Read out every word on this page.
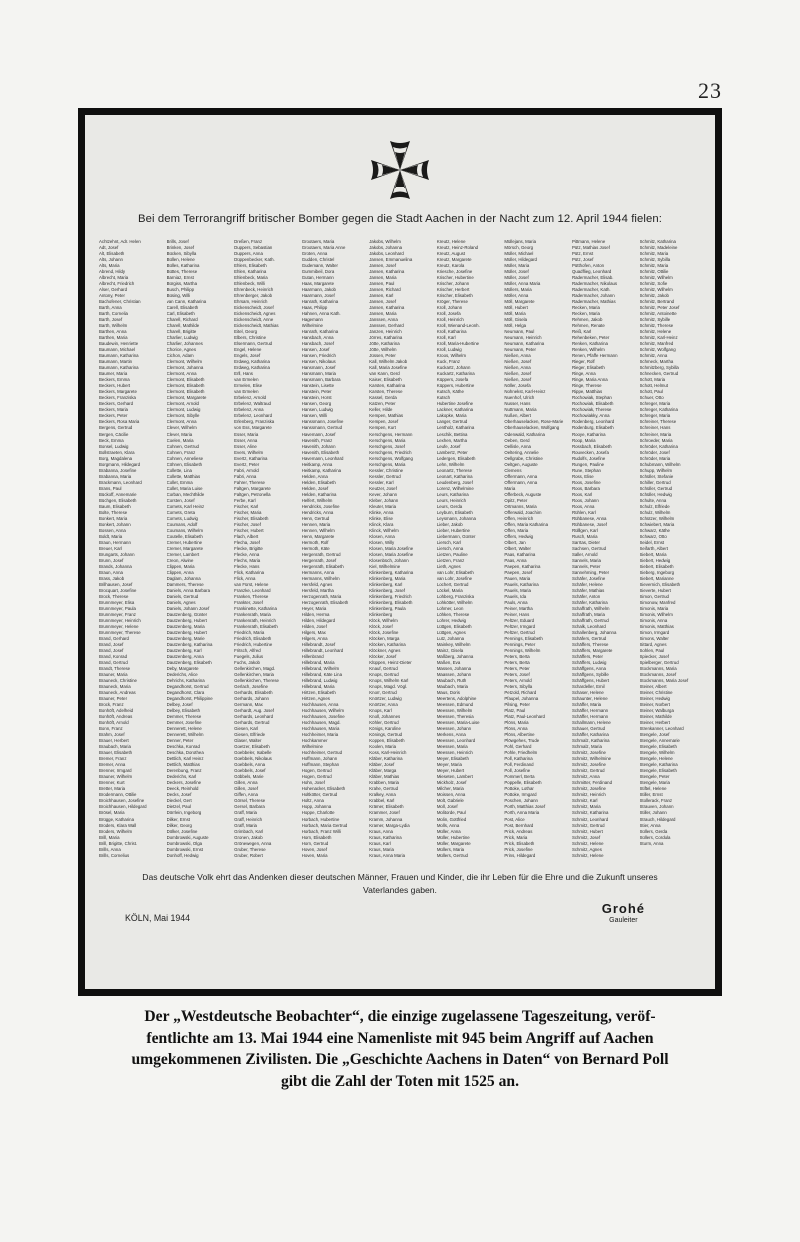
23
Bei dem Terrorangriff britischer Bomber gegen die Stadt Aachen in der Nacht zum 12. April 1944 fielen:
Achtzehnt, Adr. Helen
Adt, Josef
Alt, Elisabeth
Alts, Johann
Alts, Maria
Abrend, Hildy
Albrecht, Maria
Albrecht, Friedrich
Alser, Gerhard
Antony, Peter
Bachofener, Christian
Barth, Anna
Barth, Cornelia
Barth, Josef
Barth, Wilhelm
Barthen, Anna
Barthen, Maria
Baudewin, Henriette
Baumann, Michael
Baumann, Katharina
Baumann, Martin
Baumann, Katharina
Baumer, Maria
Beckers, Emma
Beckers, Hubert
Beckers, Margarete
Beckers, Franziska
Beckers, Gerhard
Beckers, Maria
Beckers, Peter
Beckers, Rosa Maria
Bergens, Gertrud
Bergen, Cäcilie
Beck, Emma
Bonsel, Ludwig
Bollstraeten, Klara
Borg, Magdalena
Borgmann, Hildegard
Brabanna, Josefine
Brabanna, Maria
Brackmann, Leonhard
Brans, Paul
Bückoff, Annemarie
Büchgen, Elisabeth
Baum, Elisabeth
Bolte, Therese
Bonkert, Maria
Bonkert, Johann
Bossen, Anna
Boldt, Maria
Braun, Hermann
Breuer, Karl
Brungarts, Johann
Brunn, Josef
Brands, Johanna
Braun, Anna
Brass, Jakob
Brilhausen, Josef
Brocquart, Josefine
Brock, Therese
Brunnmeyer, Elisa
Brunnmeyer, Paula
Brunnmeyer, Franz
Brunnmeyer, Heinrich
Brunnmeyer, Helene
Brunnmeyer, Therese
Brand, Gerhard
Brand, Josef
Brand, Josef
Brand, Konrad
Brand, Gertrud
Brandt, Therese
Brauner, Maria
Brauneck, Christine
Brauneck, Maria
Brauneck, Andreas
Brauner, Peter
Brock, Franz
Bonhöft, Adelheid
Bonhöft, Andreas
Bonhöft, Arnold
Bonn, Franz
Brahm, Josef
Brauer, Herbert
Braubach, Maria
Brauer, Elisabeth
Bremer, Franz
Bremer, Anna
Brenner, Irmgard
Brauner, Wilhelm
Brenner, Kurt
Bretter, Maria
Brodermann, Ottilie
Broichhausen, Josefine
Broichhausen, Hildegard
Brösel, Maria
Brügge, Katharina
Broders, Klara Wall
Broders, Wilhelm
Brill, Maria
Brill, Brigitte, Christ.
Brills, Anna
Brills, Cornelius
Brills, Josef
Brinken, Josef
Bücken, Sibylla
Büllen, Helene
Bülles, Katharina
Büttes, Therese
Barniaz, Ernst
Bürgiss, Martha
Busch, Philipp
Büsing, Willi
van Cann, Katharina
Carell, Elisabeth
Carl, Elisabeth
Charell, Richard
Charell, Mathilde
Charell, Brigitte
Charlier, Ludwig
Charlier, Johannes
Chorice, Agnes
Cichon, Adam
Clermont, Wilhelm
Clermont, Johanna
Clermont, Anna
Clermont, Elisabeth
Clermont, Elisabeth
Clermont, Elisabeth
Clermont, Margarete
Clermont, Arnold
Clermont, Ludwig
Clermont, Sibylle
Clermont, Anna
Clever, Wilhelm
Clever, Maria
Coelen, Maria
Cohnen, Gertrud
Cohnen, Franz
Cohnen, Anneliese
Cöhnen, Elisabeth
Collette, Lina
Collette, Matthias
Collet, Emma
Collet, Maria Luise
Corban, Mechthilde
Corsten, Josef
Cornets, Karl Heinz
Cornets, Greta
Cornets, Ludwig
Coumans, Adolf
Coumans, Wilhelm
Coutelle, Elisabeth
Cremer, Hubertine
Cremer, Margarete
Cremer, Lambert
Creon, Alwine
Clippen, Maria
Clippen, Anna
Daglam, Johanna
Dammers, Therese
Daniels, Anna Barbara
Daniels, Gertrud
Daniels, Agnes
Daniels, Johann Josef
Dautzenberg, Günter
Dautzenberg, Hubert
Dautzenberg, Maria
Dautzenberg, Hubert
Dautzenberg, Marie
Dautzenberg, Katharina
Dautzenberg, Karl
Dautzenberg, Anna
Dautzenberg, Elisabeth
Deby, Margarete
Dederichs, Alice
Dehrichs, Katharina
Degandhorst, Gertrud
Degandhorst, Clara
Degandhorst, Philippine
Delbey, Josef
Delbey, Elisabeth
Demmer, Therese
Demmer, Josefine
Dennerett, Helene
Dennerett, Wilhelm
Denner, Peter
Deschka, Konrad
Deschka, Dorothea
Dettlich, Karl Heinz
Dettlich, Matthias
Derenbung, Franz
Dederichs, Karl
Deckers, Josefine
Deeck, Reinhold
Decks, Josef
Dieckel, Gert
Dietzel, Paul
Dörrlein, Ingeborg
Dilker, Ernst
Dilker, Georg
Dölker, Josefine
Dombrowski, Auguste
Dombrowski, Olga
Dombrowski, Ernst
Donhoff, Hedwig
Dreßen, Franz
Duppers, Sebastian
Duppers, Anna
Düppenbecker, Kath.
Ehlers, Elisabeth
Ehlen, Katharina
Ehlenbeck, Maria
Ehlenbeck, Willi
Ehrenbeck, Heinrich
Ehrenberger, Jakob
Ehrsam, Heinrich
Eickenscheidt, Josef
Eickenscheidt, Agnes
Eickenscheidt, Anne
Eickenscheidt, Mathias
Eitel, Georg
Elbers, Christine
Elsermann, Gertrud
Engel, Helene
Engels, Josef
Erdweg, Katharina
Erdweg, Katharina
Erll, Hans
van Ermelen
Ermelen, Elise
van Ermelen
Erbelenz, Arnold
Erbelenz, Waltraud
Erbelenz, Anna
Erbelenz, Leonhard
Erlenberg, Franziska
von Ess, Margarete
Esser, Maria
Esser, Anna
Esser, Aline
Evers, Wilhelm
Evertz, Katharina
Evertz, Peter
Fabri, Arnold
Fabri, Anna
Fahrer, Therese
Faltgen, Margarete
Faltgen, Petronella
Ferbe, Karl
Fischer, Karl
Fischer, Maria
Fischer, Elisabeth
Fischer, Josef
Fischer, Hubert
Flach, Albert
Flecha, Josef
Flecke, Brigitte
Flecke, Anna
Flechs, Maria
Flecke, Hans
Flick, Katharina
Flick, Anna
van Fürst, Helene
Franzke, Leonhard
Franken, Therese
Frankter, Josef
Frankinette, Katharina
Frankenrath, Maria
Frankenrath, Heinrich
Frankenrath, Elisabeth
Friedrich, Maria
Friedrich, Elisabeth
Friedrich, Hubertine
Fritsch, Alfred
Fuegels, Julius
Fuchs, Jakob
Gellenkirchen, Magd.
Gellenkirchen, Maria
Gellenkirchen, Therese
Gerlach, Josefine
Gerhards, Elisabeth
Gerhards, Johann
Germann, Max
Gerhardt, Aug. Josef
Gerhards, Leonhard
Gerhards, Gertrud
Giesen, Karl
Giesen, Elfriede
Glaser, Walter
Goetzer, Elisabeth
Goebbeler, Isabelle
Goebbels, Nikolaus
Goebbels, Anna
Goebbels, Josef
Göbbels, Marie
Gillen, Anna
Gillen, Josef
Giffen, Anna
Görsel, Therese
Gersel, Barbara
Graff, Maria
Graff, Heinrich
Graff, Maria
Grimbach, Karl
Gronen, Jakob
Grönewegen, Anna
Gruber, Therese
Gruber, Robert
Grootaers, Maria
Grootaers, Maria Anne
Groten, Anna
Gudden, Christel
Gudemann, Walter
Gummibeil, Dora
Gutan, Hermann
Haas, Margarete
Haarmann, Jakob
Haarmann, Josef
Hanrath, Katharina
Haas, Philipp
Hahnen, Anna Kath.
Hagemann
Wilhelmine
Hanrath, Katharina
Hansbach, Anna
Hansbach, Josef
Hansen, Josef
Hansen, Friedrich
Hansen, Nikolaus
Hansmann, Josef
Hansmann, Maria
Hansmann, Barbara
Hanstein, Lisette
Hanstein, Peter
Hanstein, Horst
Hansen, Georg
Hansen, Ludwig
Hansen, Willi
Hanssmann, Josefine
Hanssmann, Gertrud
Havemann, Josef
Havenith, Franz
Havenith, Johann
Havenith, Elisabeth
Havemann, Leonhard
Heitkamp, Anna
Heitkamp, Katharina
Helden, Anna
Helden, Elisabeth
Helden, Josef
Helden, Katharina
Helfert, Wilhelm
Hendricks, Josefine
Hendricks, Anna
Henn, Gertrud
Hennen, Maria
Hennen, Wilhelm
Henn, Margarete
Hermoth, Rolf
Hermoth, Käte
Hergenrath, Gertrud
Hergenrath, Josef
Hergenrath, Elisabeth
Hermanns, Anna
Hermanns, Wilhelm
Hersfeld, Agnes
Hersfeld, Martha
Herzogenrath, Maria
Herzogenrath, Elisabeth
Heyer, Maria
Hilden, Herma
Hilden, Hildegard
Hilden, Josef
Hilgers, Max
Hilgers, Anna
Hillebrandt, Josef
Hillebrandt, Leonhard
Hillenbrand
Hillebrand, Maria
Hillebrand, Wilhelm
Hillebrand, Käte Lina
Hillebrand, Ludwig
Hillebrand, Maria
Hirtzen, Elisabeth
Hirtzen, Agnes
Hochhausen, Anna
Hochhausen, Wilhelm
Hochhausen, Josefine
Hochhausen, Magd.
Hochhausen, Maria
Hochheimer, Maria
Hochkammer
Wilhelmine
Hochheimer, Gertrud
Hoffmann, Johann
Hoffmann, Stephan
Hogen, Gertrud
Hogen, Gertrud
Hohn, Josef
Hohenacker, Elisabeth
Holtkötter, Gertrud
Holtz, Anna
Hopp, Johanna
Hoppe, Charlotte
Horbach, Hubertine
Horbach, Maria Gertrud
Horbach, Franz Willi
Horn, Elisabeth
Horn, Gertrud
Hoven, Josef
Hoven, Maria
Jakobs, Wilhelm
Jakobs, Johanna
Jakobs, Leonhard
Jansen, Emmanuelina
Jansen, Josef
Jansen, Katharina
Jansen, Maria
Jansen, Paul
Jansen, Richard
Jansen, Karl
Jansen, Josef
Jansen, Katharina
Jansen, Maria
Janssen, Anna
Janssen, Gerhard
Janzen, Heinrich
Jörres, Katharina
Jötte, Katharina
Jötte, Wilhelm
Jüssen, Peter
Kall, Wilhelm Jakob
Kall, Maria Josefine
van Kann, Gerd
Kaiser, Elisabeth
Karsten, Katharina
Karsten, Therese
Kassel, Gerda
Katzen, Peter
Keller, Hilde
Kempen, Mathias
Kempen, Josef
Kempen, Kurt
Kerschgens, Hermann
Kerschgens, Maria
Kerschgens, Josef
Kerschgens, Friedrich
Kerschgens, Wolfgang
Kerschgens, Maria
Kessler, Christine
Kessler, Gertrud
Kessler, Karl
Keutzer, Josef
Kever, Johann
Kleber, Johann
Kleuter, Maria
Klinke, Anna
Klinke, Elise
Klinck, Klara
Klinck, Wilhelm
Klosen, Anna
Klosen, Willy
Klosen, Maria Josefine
Klosen, Maria Josefine
Klosenbüch, Johann
Kiel, Wilhelmine
Klinkenberg, Katharina
Klinkenberg, Maria
Klinkenberg, Karl
Klinkenberg, Josef
Klinkenberg, Friedrich
Klinkenberg, Elisabeth
Klinkenberg, Paula
Klinkenberg
Klöck, Wilhelm
Klöck, Josef
Klöck, Josefine
Klöcken, Marga
Klöcken, Katharina
Klöckner, Agnes
Klöcker, Josef
Klüppen, Heinz-Dieter
Knauf, Gertrud
Knops, Gertrud
Knops, Wilhelm Karl
Knops, Magd. Vögl.
Knorr, Gertrud
Knörtzer, Ludwig
Knörtzer, Anna
Knops, Karl
Knoll, Johannes
Köhler, Gertrud
Königs, Karoline
Könings, Gertrud
Koppen, Elisabeth
Koolen, Maria
Koss, Karl-Heinrich
Kläber, Katharina
Kläber, Josef
Kläber, Marga
Kläber, Mathias
Krabben, Maria
Krahe, Gertrud
Kralkey, Anna
Krabbel, Karl
Krämer, Elisabeth
Krammer, Josef
Kramm, Johanna
Kramer, Marga-Lydia
Kraus, Anna
Kraus, Katharina
Kraus, Karl
Kraus, Maria
Kraus, Anna Maria
Kreutz, Helene
Kreutz, Heinz-Roland
Kreutz, August
Kreutz, Margarete
Kreutz, Karola
Kriesche, Josefine
Krischer, Hubertine
Krischer, Johann
Krischer, Herbert
Krischer, Elisabeth
Kröger, Therese
Kroll, Johann
Kroll, Josefa
Kroll, Heinrich
Kroll, Wienand-Leonh.
Kroll, Katharina
Kroll, Karl
Kroll, Maria-Hubertine
Kroll, Ludwig
Kroos, Wilhelm
Kuck, Franz
Kuckartz, Johann
Kuckartz, Katharina
Küppers, Josefa
Küppers, Hubertine
Kutsch, Käthe
Kutsch
Hubertine Josefine
Lackner, Katharina
Lakopke, Maria
Langer, Gertrud
Lentholz, Katharina
Leschik, Bettina
Lexhen, Martha
Leufe, Josef
Lambertz, Peter
Ledergen, Elisabeth
Lehn, Wilhelm
Leonartz, Therese
Leonart, Katharina
Leudenberg, Josef
Lorenz, Wilhelmine
Leurs, Katharina
Leurs, Heinrich
Leurs, Gerda
Leyburn, Elisabeth
Leysmann, Johanna
Lieber, Jakob
Lieber, Hubertine
Liebermann, Günter
Liersch, Karl
Liersch, Anna
Lietzen, Pauline
Lietzen, Franz
Lieth, Agnes
van Lohr, Elisabeth
van Lohr, Josefine
Lochert, Gertrud
Löckel, Maria
Lohberg, Franziska
Lohkötter, Wilhelm
Lohmer, Leon
Löhken, Therese
Lohrer, Hedwig
Lüttgen, Elisabeth
Lüttgen, Agnes
Lutz, Johanna
Mainkey, Wilhelm
Mainz, Gisela
Maßberg, Johanna
Maßen, Eva
Massen, Johanna
Maassen, Johann
Maubach, Ruth
Maubach, Maria
Maus, Doris
Meertens, Adolphine
Meessen, Edmund
Meessen, Wilhelm
Meessen, Theresia
Meessen, Maria-Luise
Meessen, Johann
Merkens, Anna
Meessen, Leonhard
Meessen, Maria
Meessen, Heinrich
Meyer, Elisabeth
Meyer, Maria
Meyer, Hubert
Mieseten, Lambert
Mickholz, Josef
Milcher, Maria
Moissen, Anna
Molt, Gabriele
Moll, Josef
Molitorde, Paul
Molin, Gottfried
Molls, Anna
Müller, Anna
Müller, Hubertine
Müller, Margarete
Müllers, Maria
Müllers, Gertrud
Müllejans, Maria
Mörsch, Georg
Müller, Michael
Müller, Hildegard
Müller, Maria
Müller, Josef
Müller, Josef
Müller, Anna Maria
Müllers, Maria
Möller, Anna
Möll, Margarete
Möll, Hubert
Möll, Maria
Möll, Gisela
Möll, Helga
Neumann, Paul
Neumann, Heinrich
Neumann, Katharina
Neumann, Peter
Nießen, Anna
Nießen, Josef
Nießen, Anna
Nießen, Josef
Nießen, Josef
Nöller, Josefa
Nohnekst, Karl-Heinz
Nuenhof, Ulrich
Nusser, Hans
Nuttmann, Maria
Nußen, Albert
Oberhauselacken, Rose-Marie
Oberhauselacken, Wolfgang
Odenwald, Katharina
Oeben, Gerd
Oellisle, Anna
Oeltering, Annelie
Oellgrabe, Christine
Oeltgen, Auguste
Clemens
Offermann, Anna
Offermann, Anna
Maria
Offerbeck, Auguste
Opitz, Peter
Ortmanns, Maria
Offerwald, Joachim
Offen, Heinrich
Offen, Maria Katharina
Offen, Maria
Offers, Hedwig
Olbert, Jan
Olbert, Walter
Paas, Katharina
Paas, Anna
Paepen, Katharina
Paepen, Josef
Pauen, Maria
Pauels, Katharina
Pauels, Maria
Pauels, Ida
Pauls, Anna
Peiner, Martha
Peiner, Hans
Peltzer, Eduard
Peltzer, Irmgard
Peltzer, Gertrud
Pennings, Elisabeth
Pennings, Peter
Pennings, Wilhelm
Peters, Berta
Peters, Berta
Peters, Peter
Peters, Josef
Peters, Arnold
Peters, Sibylla
Petzold, Richard
Pfaupel, Johanna
Pilsing, Peter
Platz, Paul
Platz, Paul-Leonhard
Plöns, Maria
Plöns, Anna
Plöns, Albertine
Plöwgehes, Trude
Pohl, Gerhard
Pohle, Friedhelm
Poll, Katharina
Poll, Ferdinand
Poll, Josefine
Pommerl, Berta
Poppelle, Elisabeth
Pottoke, Lothar
Pottoke, Irmgard
Poschen, Johann
Porth, Matthias Josef
Porth, Anna Maria
Post, Alice
Post, Bernhard
Prick, Andreas
Prick, Maria
Prick, Elisabeth
Prick, Josefine
Prins, Hildegard
Pittmann, Helene
Pütz, Mathias Josef
Pütz, Ernst
Pütz, Josef
Pütthofen, Anton
Quadflieg, Leonhard
Radermacher, Elisab.
Radermacher, Nikolaus
Radermacher, Kath.
Radermacher, Johann
Radermacher, Mathias
Recken, Maria
Recken, Maria
Rehmen, Jakob
Rehmen, Renate
Reiß, Karl
Rehenbeken, Peter
Renken, Katharina
Renken, Wilhelm
Renen, Pfaffe Hermann
Rieger, Rolf
Rieger, Elisabeth
Ringe, Anna
Ringe, Maria Anna
Ringe, Therese
Rippe, Matthias
Rochowiak, Stephan
Rochowiak, Elisabeth
Rochowiak, Therese
Rochowiakky, Anna
Rodenberg, Leonhard
Rodenburg, Elisabeth
Rooye, Katharina
Roop, Maria
Rossbach, Elisabeth
Rouvecken, Josefa
Rudolfs, Josefine
Rungen, Pauline
Rune, Stephan
Ross, Elise
Roos, Josefine
Roos, Barbara
Roos, Karl
Roos, Johann
Roos, Anna
Rühlen, Karl
Rühbanese, Anna
Rühbanese, Josef
Rülllgen, Karl
Rusch, Maria
Sarrtas, Dieter
Sachsen, Gertrud
Saller, Arnold
Sannels, Maria
Sannels, Peter
Sannehming, Peter
Schäfer, Josefine
Schäfer, Helene
Schäfer, Mathias
Schäfer, Anton
Schäfer, Katharina
Schaffrath, Wilhelm
Schaffrath, Maria
Schaffrath, Gertrud
Schalk, Leonhard
Schallenberg, Johanna
Schäfers, Gertrud
Schäffers, Therese
Schäffers, Margarete
Schäffers, Peter
Schäffers, Ludwig
Schäffgens, Anna
Schäffgens, Sybille
Schäffgens, Hubert
Schardeller, Emil
Schaser, Helene
Schaunter, Helene
Schäffer, Maria
Schäffer, Hermann
Schäffer, Hermann
Schallmann, Helene
Schauer, Gertrud
Schäffer, Katharina
Schmalz, Katharina
Schmalz, Maria
Schmitz, Josefine
Schmitz, Wilhelmine
Schmitz, Josefine
Schmitz, Gertrud
Schmitz, Anna
Schmitter, Ferdinand
Schmitz, Josefine
Schmitz, Heinrich
Schmitz, Karl
Schmitz, Maria
Schmitz, Katharina
Schmitz, Leonhard
Schmitz, Gertrud
Schmitz, Hubert
Schmitz, Josef
Schmitz, Helene
Schmitz, Agnes
Schmitz, Helene
Schmitz, Katharina
Schmitz, Madeleine
Schmitz, Maria
Schmitz, Sybilla
Schmitz, Maria
Schmitz, Ottilie
Schmitz, Wilhelm
Schmitz, Sofie
Schmitz, Wilhelm
Schmitz, Jakob
Schmitz, Bertrand
Schmitz, Peter Josef
Schmitz, Antoinette
Schmitz, Sybille
Schmitz, Therese
Schmitz, Helene
Schmitz, Karl-Heinz
Schmitz, Manfred
Schmitz, Wolfgang
Schmitz, Anna
Schmeck, Martha
Schmitzberg, Sybilla
Schnecken, Gertrud
Schott, Maria
Schott, Helmut
Schott, Paul
Schuer, Otto
Schreger, Maria
Schreger, Katharina
Schreger, Maria
Schreiner, Therese
Schreiner, Hans
Schreiner, Maria
Schroeder, Maria
Schröder, Katharina
Schröder, Josef
Schröder, Maria
Schubmann, Wilhelm
Schupp, Wilhelm
Schüller, Stefanie
Schiller, Gertrud
Schüller, Gertrud
Schüller, Hedwig
Schulte, Anna
Schulz, Elfriede
Schulz, Wilhelm
Schützer, Wilhelm
Schwiebert, Maria
Schwarz, Käthe
Schwarz, Otto
Seidel, Ernst
Seifarth, Albert
Siebert, Maria
Siebert, Hedwig
Siebert, Elisabeth
Sieberg, Ingeborg
Siebert, Marianne
Sievernich, Elisabeth
Sieverte, Hubert
Simon, Gertrud
Simonow, Manfred
Simonis, Maria
Simonis, Wilhelm
Simonis, Anna
Simonis, Matthias
Simon, Irmgard
Simons, Walter
Sittard, Agnes
Sohlen, Paul
Spiecker, Josef
Spielberger, Gertrud
Stockmanns, Maria
Stockmanns, Josef
Stockmanns, Maria Josef
Steiner, Albert
Steiner, Christine
Steiner, Hedwig
Steiner, Norbert
Steiner, Walburga
Steiner, Mathilde
Steiner, Herbert
Strenkanner, Leonhard
Stengele, Josef
Stengele, Annemarie
Stengele, Elisabeth
Stengele, Wilhelm
Stengele, Helene
Stengele, Katharina
Stengele, Elisabeth
Stengele, Peter
Stengele, Maria
Stiftel, Helene
Stiller, Ernst
Stollerack, Franz
Strauven, Johann
Stiller, Johann
Strauch, Hildegard
Stier, Anna
Süllers, Gerda
Süllers, Cordula
Sturm, Anna
Das deutsche Volk ehrt das Andenken dieser deutschen Männer, Frauen und Kinder, die ihr Leben für die Ehre und die Zukunft unseres
Vaterlandes gaben.
KÖLN, Mai 1944
Grohé
Gauleiter
Der „Westdeutsche Beobachter“, die einzige zugelassene Tageszeitung, veröf-
fentlichte am 13. Mai 1944 eine Namenliste mit 945 beim Angriff auf Aachen
umgekommenen Zivilisten. Die „Geschichte Aachens in Daten“ von Bernard Poll
gibt die Zahl der Toten mit 1525 an.
